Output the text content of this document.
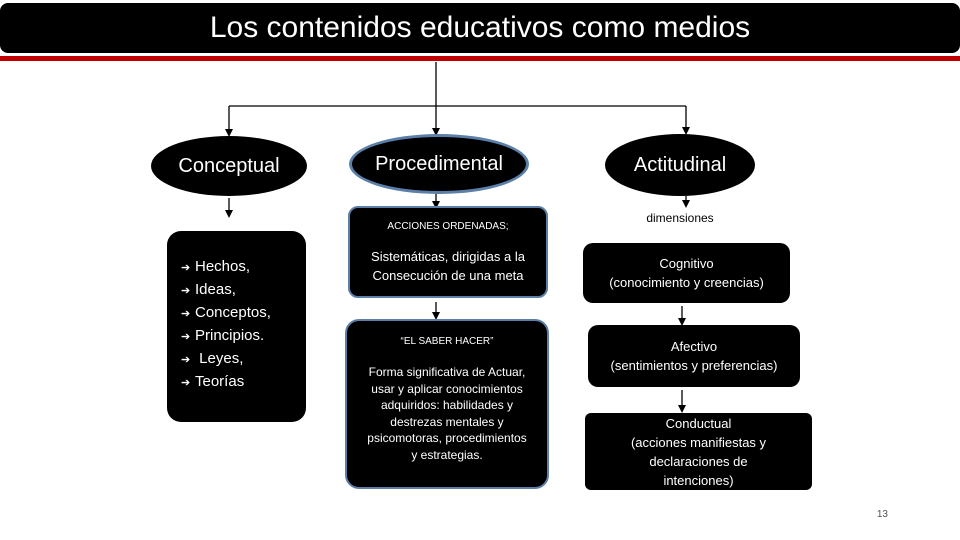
Los contenidos educativos como medios
Conceptual
➔ Hechos,
➔ Ideas,
➔ Conceptos,
➔ Principios.
➔  Leyes,
➔ Teorías
Procedimental
ACCIONES ORDENADAS;
Sistemáticas, dirigidas a la Consecución de una meta
“EL SABER HACER”
Forma significativa de Actuar, usar y aplicar conocimientos adquiridos: habilidades y destrezas mentales y psicomotoras, procedimientos y estrategias.
Actitudinal
dimensiones
Cognitivo
(conocimiento y creencias)
Afectivo
(sentimientos y preferencias)
Conductual
(acciones manifiestas y declaraciones de intenciones)
13
